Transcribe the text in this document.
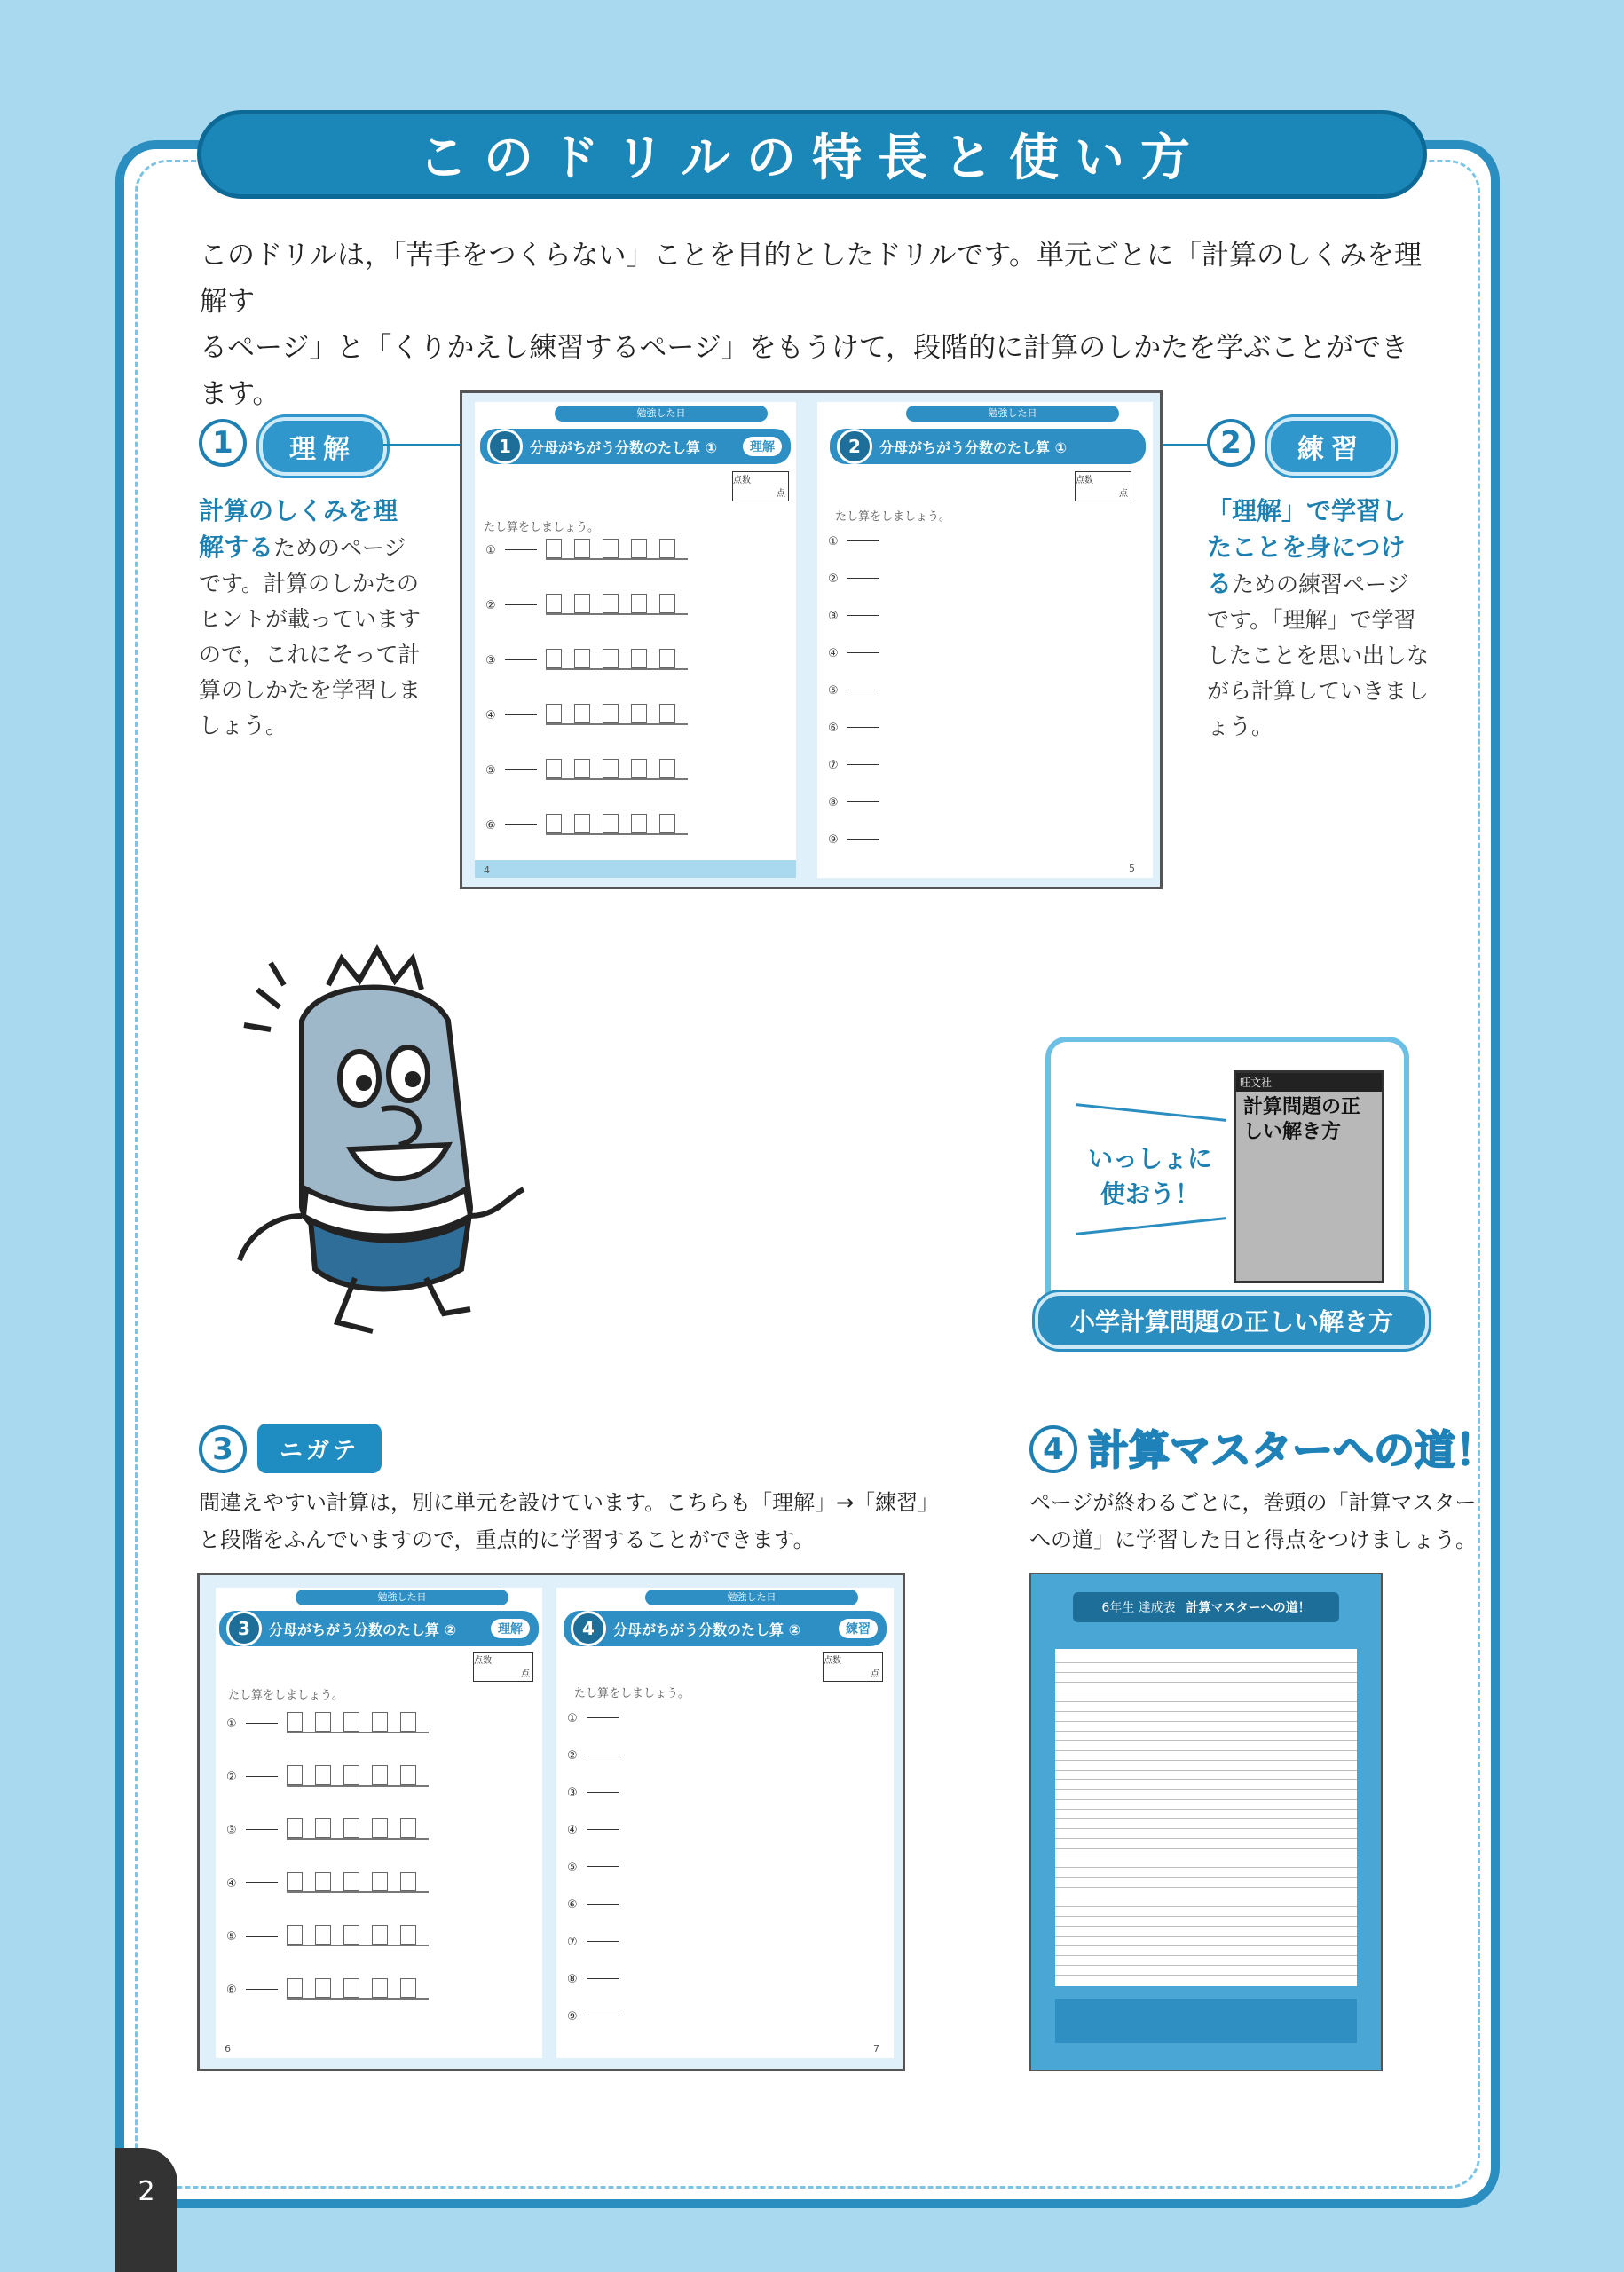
このドリルの特長と使い方
このドリルは，「苦手をつくらない」ことを目的としたドリルです。単元ごとに「計算のしくみを理解す
るページ」と「くりかえし練習するページ」をもうけて，段階的に計算のしかたを学ぶことができます。
1	理解
計算のしくみを理解するためのページです。計算のしかたのヒントが載っていますので，これにそって計算のしかたを学習しましょう。
2	練習
「理解」で学習したことを身につけるための練習ページです。「理解」で学習したことを思い出しながら計算していきましょう。
勉強した日
1	分母がちがう分数のたし算 ①	理解
点数
点
たし算をしましょう。
①
②
③
④
⑤
⑥
4
勉強した日
2	分母がちがう分数のたし算 ①
点数
点
たし算をしましょう。
①
②
③
④
⑤
⑥
⑦
⑧
⑨
5
いっしょに
使おう！
旺文社
計算問題の正しい解き方
小学計算問題の正しい解き方
3	ニガテ
間違えやすい計算は，別に単元を設けています。こちらも「理解」→「練習」
と段階をふんでいますので，重点的に学習することができます。
勉強した日
3	分母がちがう分数のたし算 ②	理解
点数
点
たし算をしましょう。
①
②
③
④
⑤
⑥
6
勉強した日
4	分母がちがう分数のたし算 ②	練習
点数
点
たし算をしましょう。
①
②
③
④
⑤
⑥
⑦
⑧
⑨
7
4 計算マスターへの道！
ページが終わるごとに，巻頭の「計算マスター
への道」に学習した日と得点をつけましょう。
6年生 達成表 計算マスターへの道！
2
